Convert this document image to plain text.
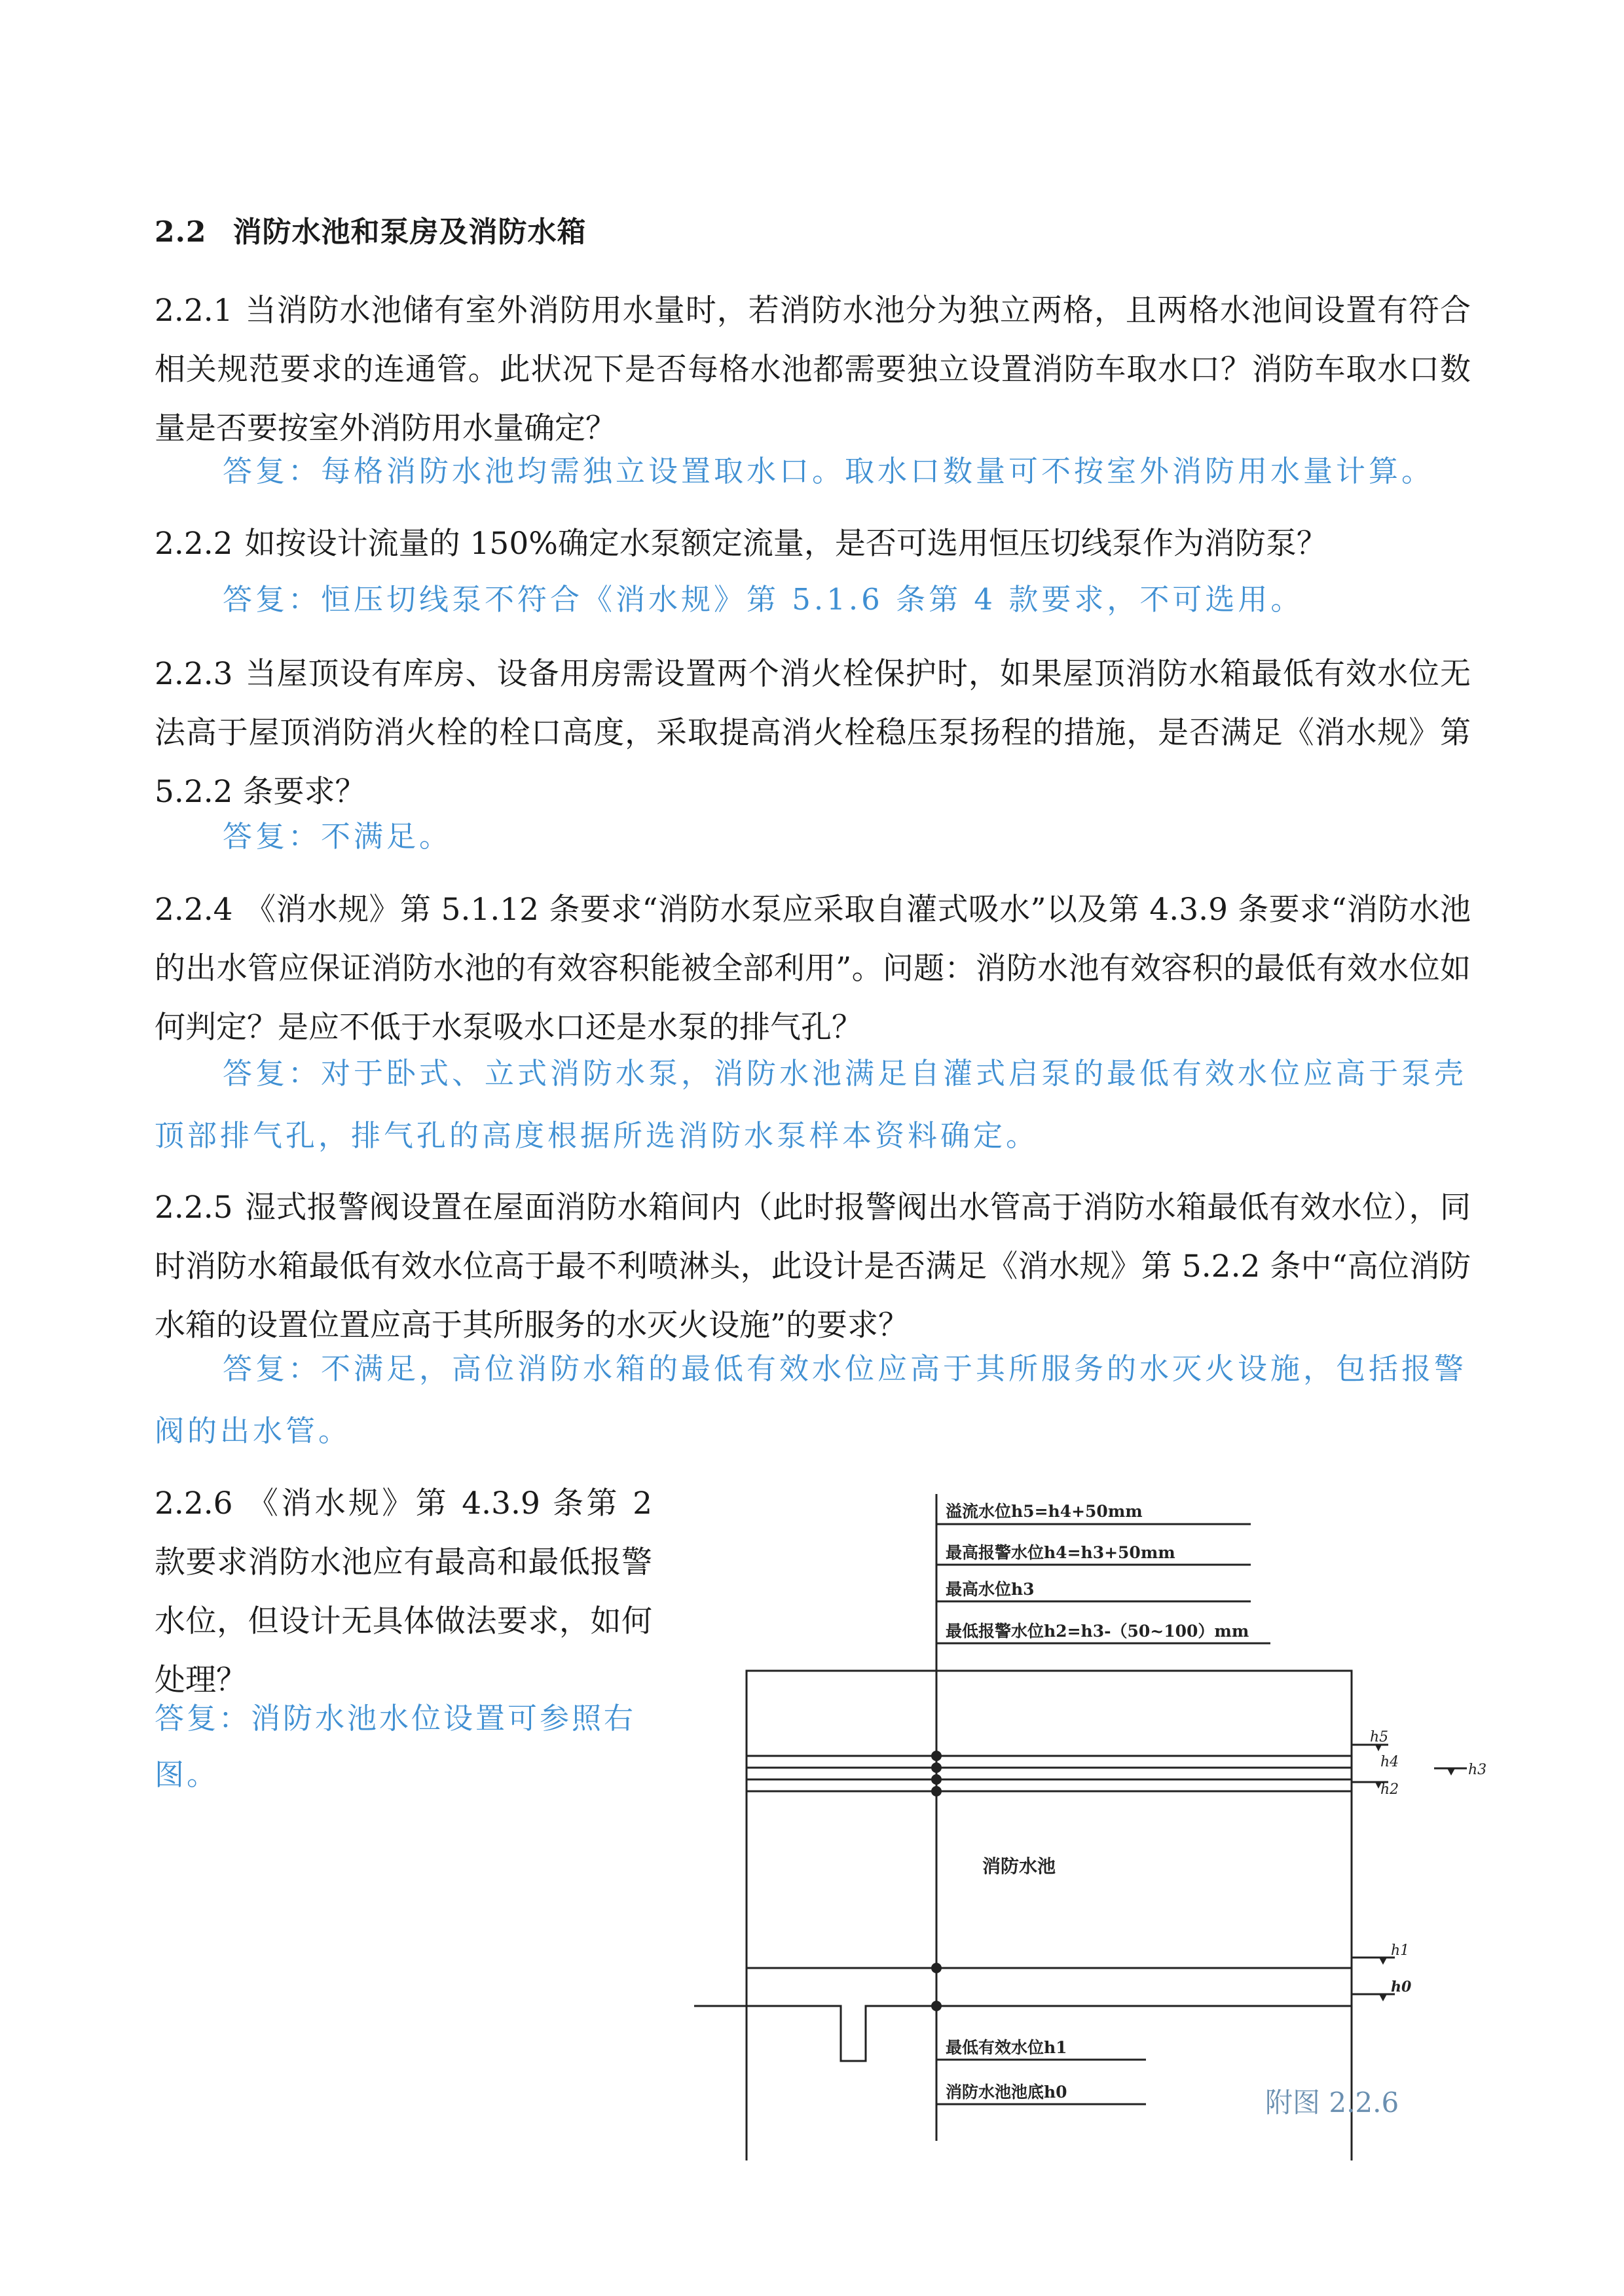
2.2 消防水池和泵房及消防水箱
2.2.1 当消防水池储有室外消防用水量时，若消防水池分为独立两格，且两格水池间设置有符合相关规范要求的连通管。此状况下是否每格水池都需要独立设置消防车取水口？消防车取水口数量是否要按室外消防用水量确定？
答复：每格消防水池均需独立设置取水口。取水口数量可不按室外消防用水量计算。
2.2.2 如按设计流量的 150%确定水泵额定流量，是否可选用恒压切线泵作为消防泵？
答复：恒压切线泵不符合《消水规》第 5.1.6 条第 4 款要求，不可选用。
2.2.3 当屋顶设有库房、设备用房需设置两个消火栓保护时，如果屋顶消防水箱最低有效水位无法高于屋顶消防消火栓的栓口高度，采取提高消火栓稳压泵扬程的措施，是否满足《消水规》第 5.2.2 条要求？
答复：不满足。
2.2.4 《消水规》第 5.1.12 条要求“消防水泵应采取自灌式吸水”以及第 4.3.9 条要求“消防水池的出水管应保证消防水池的有效容积能被全部利用”。问题：消防水池有效容积的最低有效水位如何判定？是应不低于水泵吸水口还是水泵的排气孔？
答复：对于卧式、立式消防水泵，消防水池满足自灌式启泵的最低有效水位应高于泵壳顶部排气孔，排气孔的高度根据所选消防水泵样本资料确定。
2.2.5 湿式报警阀设置在屋面消防水箱间内（此时报警阀出水管高于消防水箱最低有效水位），同时消防水箱最低有效水位高于最不利喷淋头，此设计是否满足《消水规》第 5.2.2 条中“高位消防水箱的设置位置应高于其所服务的水灭火设施”的要求？
答复：不满足，高位消防水箱的最低有效水位应高于其所服务的水灭火设施，包括报警阀的出水管。
2.2.6 《消水规》第 4.3.9 条第 2 款要求消防水池应有最高和最低报警水位，但设计无具体做法要求，如何处理？
答复：消防水池水位设置可参照右图。
溢流水位h5=h4+50mm
最高报警水位h4=h3+50mm
最高水位h3
最低报警水位h2=h3-（50~100）mm
消防水池
最低有效水位h1
消防水池池底h0
h5
h4	h3
h2
h1
h0
附图 2.2.6
